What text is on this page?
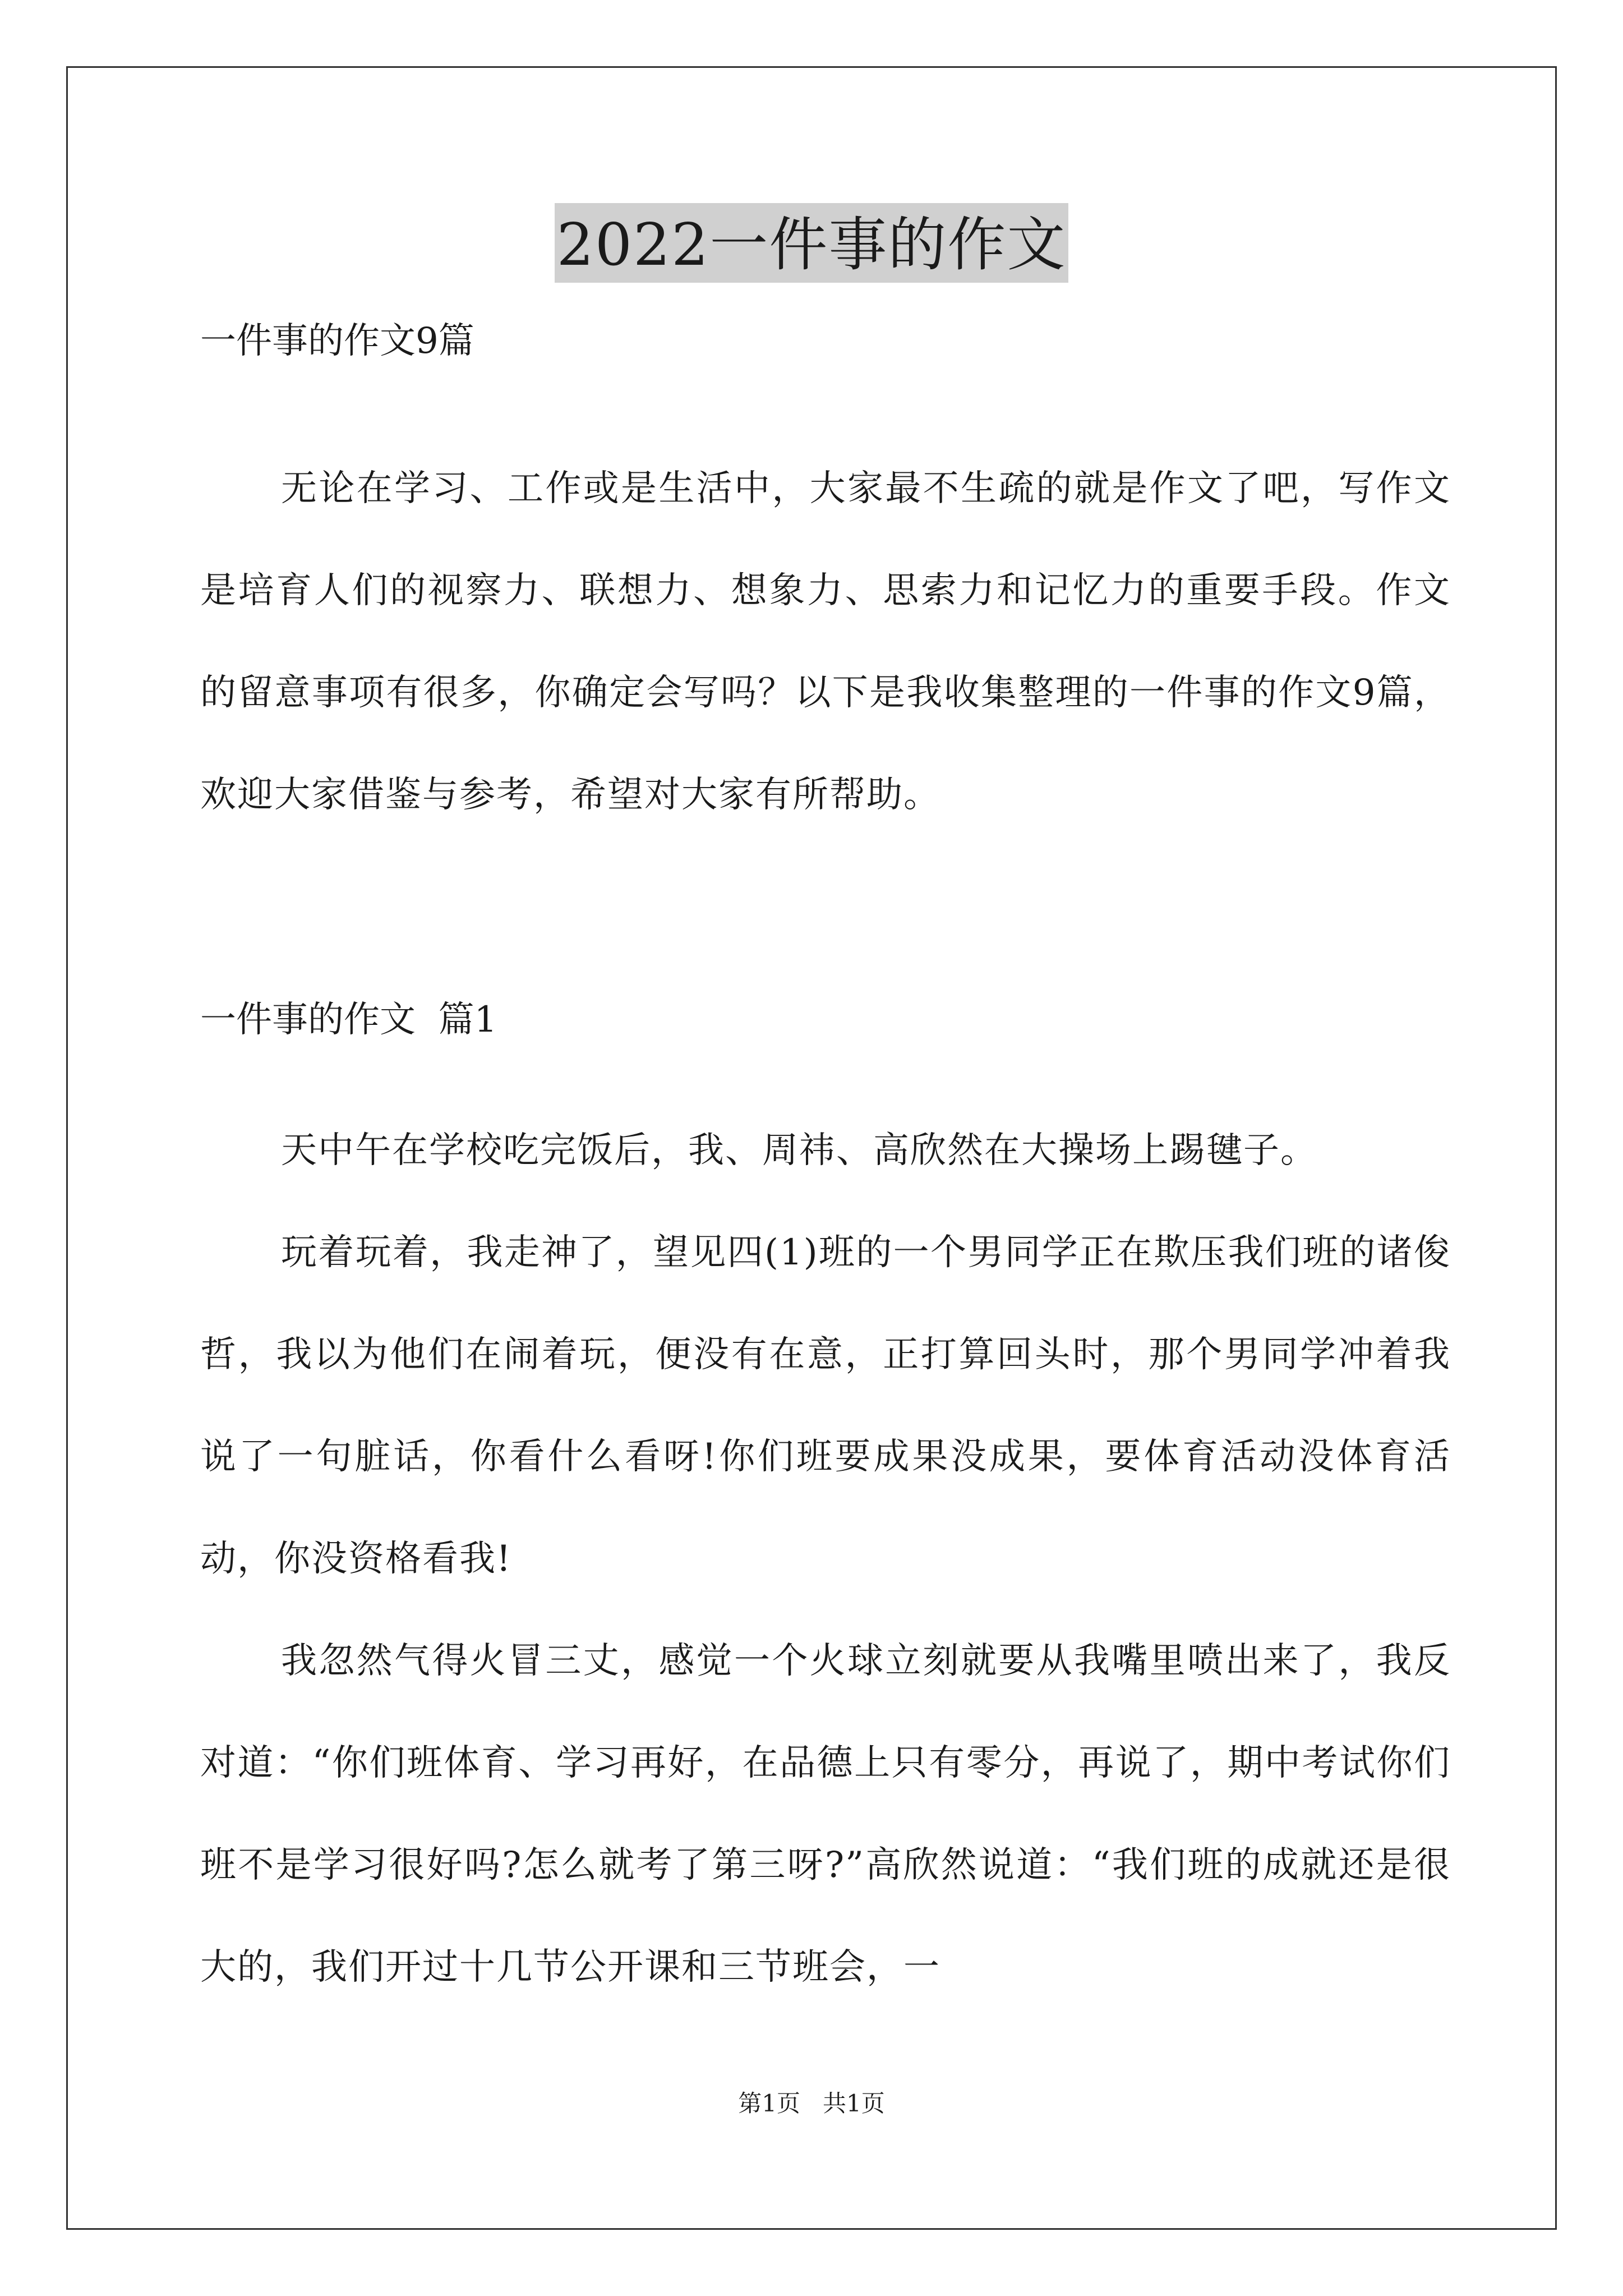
2022一件事的作文
一件事的作文9篇
无论在学习、工作或是生活中，大家最不生疏的就是作文了吧，写作文是培育人们的视察力、联想力、想象力、思索力和记忆力的重要手段。作文的留意事项有很多，你确定会写吗？以下是我收集整理的一件事的作文9篇，欢迎大家借鉴与参考，希望对大家有所帮助。
一件事的作文  篇1
天中午在学校吃完饭后，我、周祎、高欣然在大操场上踢毽子。
玩着玩着，我走神了，望见四(1)班的一个男同学正在欺压我们班的诸俊哲，我以为他们在闹着玩，便没有在意，正打算回头时，那个男同学冲着我说了一句脏话，你看什么看呀!你们班要成果没成果，要体育活动没体育活动，你没资格看我!
我忽然气得火冒三丈，感觉一个火球立刻就要从我嘴里喷出来了，我反对道：“你们班体育、学习再好，在品德上只有零分，再说了，期中考试你们班不是学习很好吗?怎么就考了第三呀?”高欣然说道：“我们班的成就还是很大的，我们开过十几节公开课和三节班会，一
第1页   共1页
